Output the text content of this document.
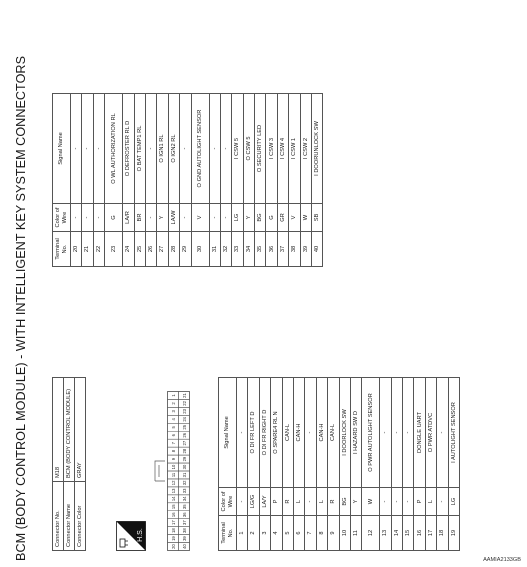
BCM (BODY CONTROL MODULE) - WITH INTELLIGENT KEY SYSTEM CONNECTORS	Connector No.	M18
Connector Name	BCM (BODY CONTROL MODULE)
Connector Color	GRAY
H.S.
20
19
18
17
16
15
14
13
12
11
10
9
8
7
6
5
4
3
2
1
40
39
38
37
36
35
34
33
32
31
30
29
28
27
26
25
24
23
22
21
Terminal No.	Color of Wire	Signal Name
1	-	-
2	LG/G	O DI FR LEFT D
3	LA/Y	O DI FR RIGHT D
4	P	O SPARE4 RL N
5	R	CAN-L
6	L	CAN-H
7	-	-
8	L	CAN-H
9	R	CAN-L
10	BG	I DOORLOCK SW
11	Y	I HAZARD SW D
12	W	O PWR AUTOLIGHT SENSOR
13	-	-
14	-	-
15	-	-
16	P	DONGLE UART
17	L	O PWR ATDVC
18	-	-
19	LG	I AUTOLIGHT SENSOR
Terminal No.	Color of Wire	Signal Name
20	-	-
21	-	-
22	-	-
23	G	O WL AUTHORIZATION RL
24	LA/R	O DEFROSTER RL D
25	BR	O BAT TEMP1 RL
26	-	-
27	Y	O IGN1 RL
28	LA/W	O IGN2 RL
29	-	-
30	V	O GND AUTOLIGHT SENSOR
31	-	-
32	-	-
33	LG	I CSW 5
34	Y	O CSW 5
35	BG	O SECURITY LED
36	G	I CSW 3
37	GR	I CSW 4
38	V	I CSW 1
39	W	I CSW 2
40	SB	I DOORUNLOCK SW
AAMIA2133GB
